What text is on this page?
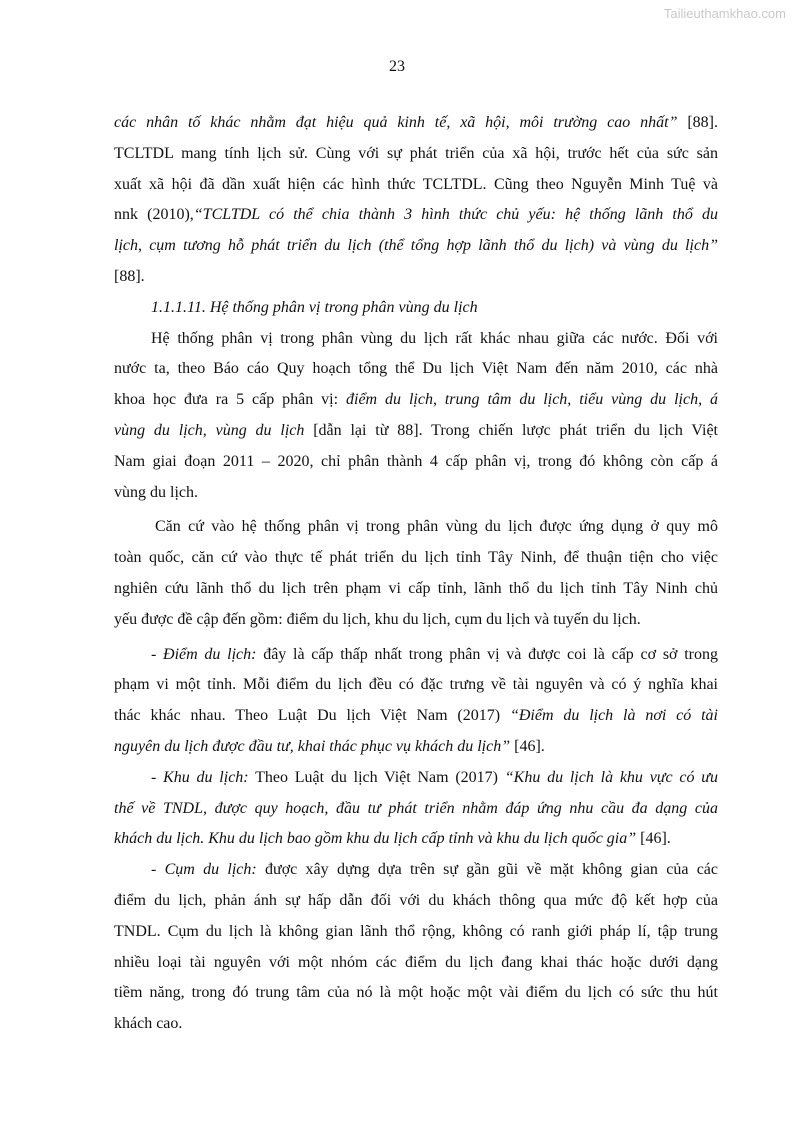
Tailieuthamkhao.com
23
các nhân tố khác nhằm đạt hiệu quả kinh tế, xã hội, môi trường cao nhất” [88].
TCLTDL mang tính lịch sử. Cùng với sự phát triển của xã hội, trước hết của sức sản
xuất xã hội đã dần xuất hiện các hình thức TCLTDL. Cũng theo Nguyễn Minh Tuệ và
nnk (2010),“TCLTDL có thể chia thành 3 hình thức chủ yếu: hệ thống lãnh thổ du
lịch, cụm tương hỗ phát triển du lịch (thể tổng hợp lãnh thổ du lịch) và vùng du lịch”
[88].
1.1.1.11. Hệ thống phân vị trong phân vùng du lịch
Hệ thống phân vị trong phân vùng du lịch rất khác nhau giữa các nước. Đối với
nước ta, theo Báo cáo Quy hoạch tổng thể Du lịch Việt Nam đến năm 2010, các nhà
khoa học đưa ra 5 cấp phân vị: điểm du lịch, trung tâm du lịch, tiểu vùng du lịch, á
vùng du lịch, vùng du lịch [dẫn lại từ 88]. Trong chiến lược phát triển du lịch Việt
Nam giai đoạn 2011 – 2020, chỉ phân thành 4 cấp phân vị, trong đó không còn cấp á
vùng du lịch.
Căn cứ vào hệ thống phân vị trong phân vùng du lịch được ứng dụng ở quy mô
toàn quốc, căn cứ vào thực tế phát triển du lịch tỉnh Tây Ninh, để thuận tiện cho việc
nghiên cứu lãnh thổ du lịch trên phạm vi cấp tỉnh, lãnh thổ du lịch tỉnh Tây Ninh chủ
yếu được đề cập đến gồm: điểm du lịch, khu du lịch, cụm du lịch và tuyến du lịch.
- Điểm du lịch: đây là cấp thấp nhất trong phân vị và được coi là cấp cơ sở trong
phạm vi một tỉnh. Mỗi điểm du lịch đều có đặc trưng về tài nguyên và có ý nghĩa khai
thác khác nhau. Theo Luật Du lịch Việt Nam (2017) “Điểm du lịch là nơi có tài
nguyên du lịch được đầu tư, khai thác phục vụ khách du lịch” [46].
- Khu du lịch: Theo Luật du lịch Việt Nam (2017) “Khu du lịch là khu vực có ưu
thế về TNDL, được quy hoạch, đầu tư phát triển nhằm đáp ứng nhu cầu đa dạng của
khách du lịch. Khu du lịch bao gồm khu du lịch cấp tỉnh và khu du lịch quốc gia” [46].
- Cụm du lịch: được xây dựng dựa trên sự gần gũi về mặt không gian của các
điểm du lịch, phản ánh sự hấp dẫn đối với du khách thông qua mức độ kết hợp của
TNDL. Cụm du lịch là không gian lãnh thổ rộng, không có ranh giới pháp lí, tập trung
nhiều loại tài nguyên với một nhóm các điểm du lịch đang khai thác hoặc dưới dạng
tiềm năng, trong đó trung tâm của nó là một hoặc một vài điểm du lịch có sức thu hút
khách cao.
